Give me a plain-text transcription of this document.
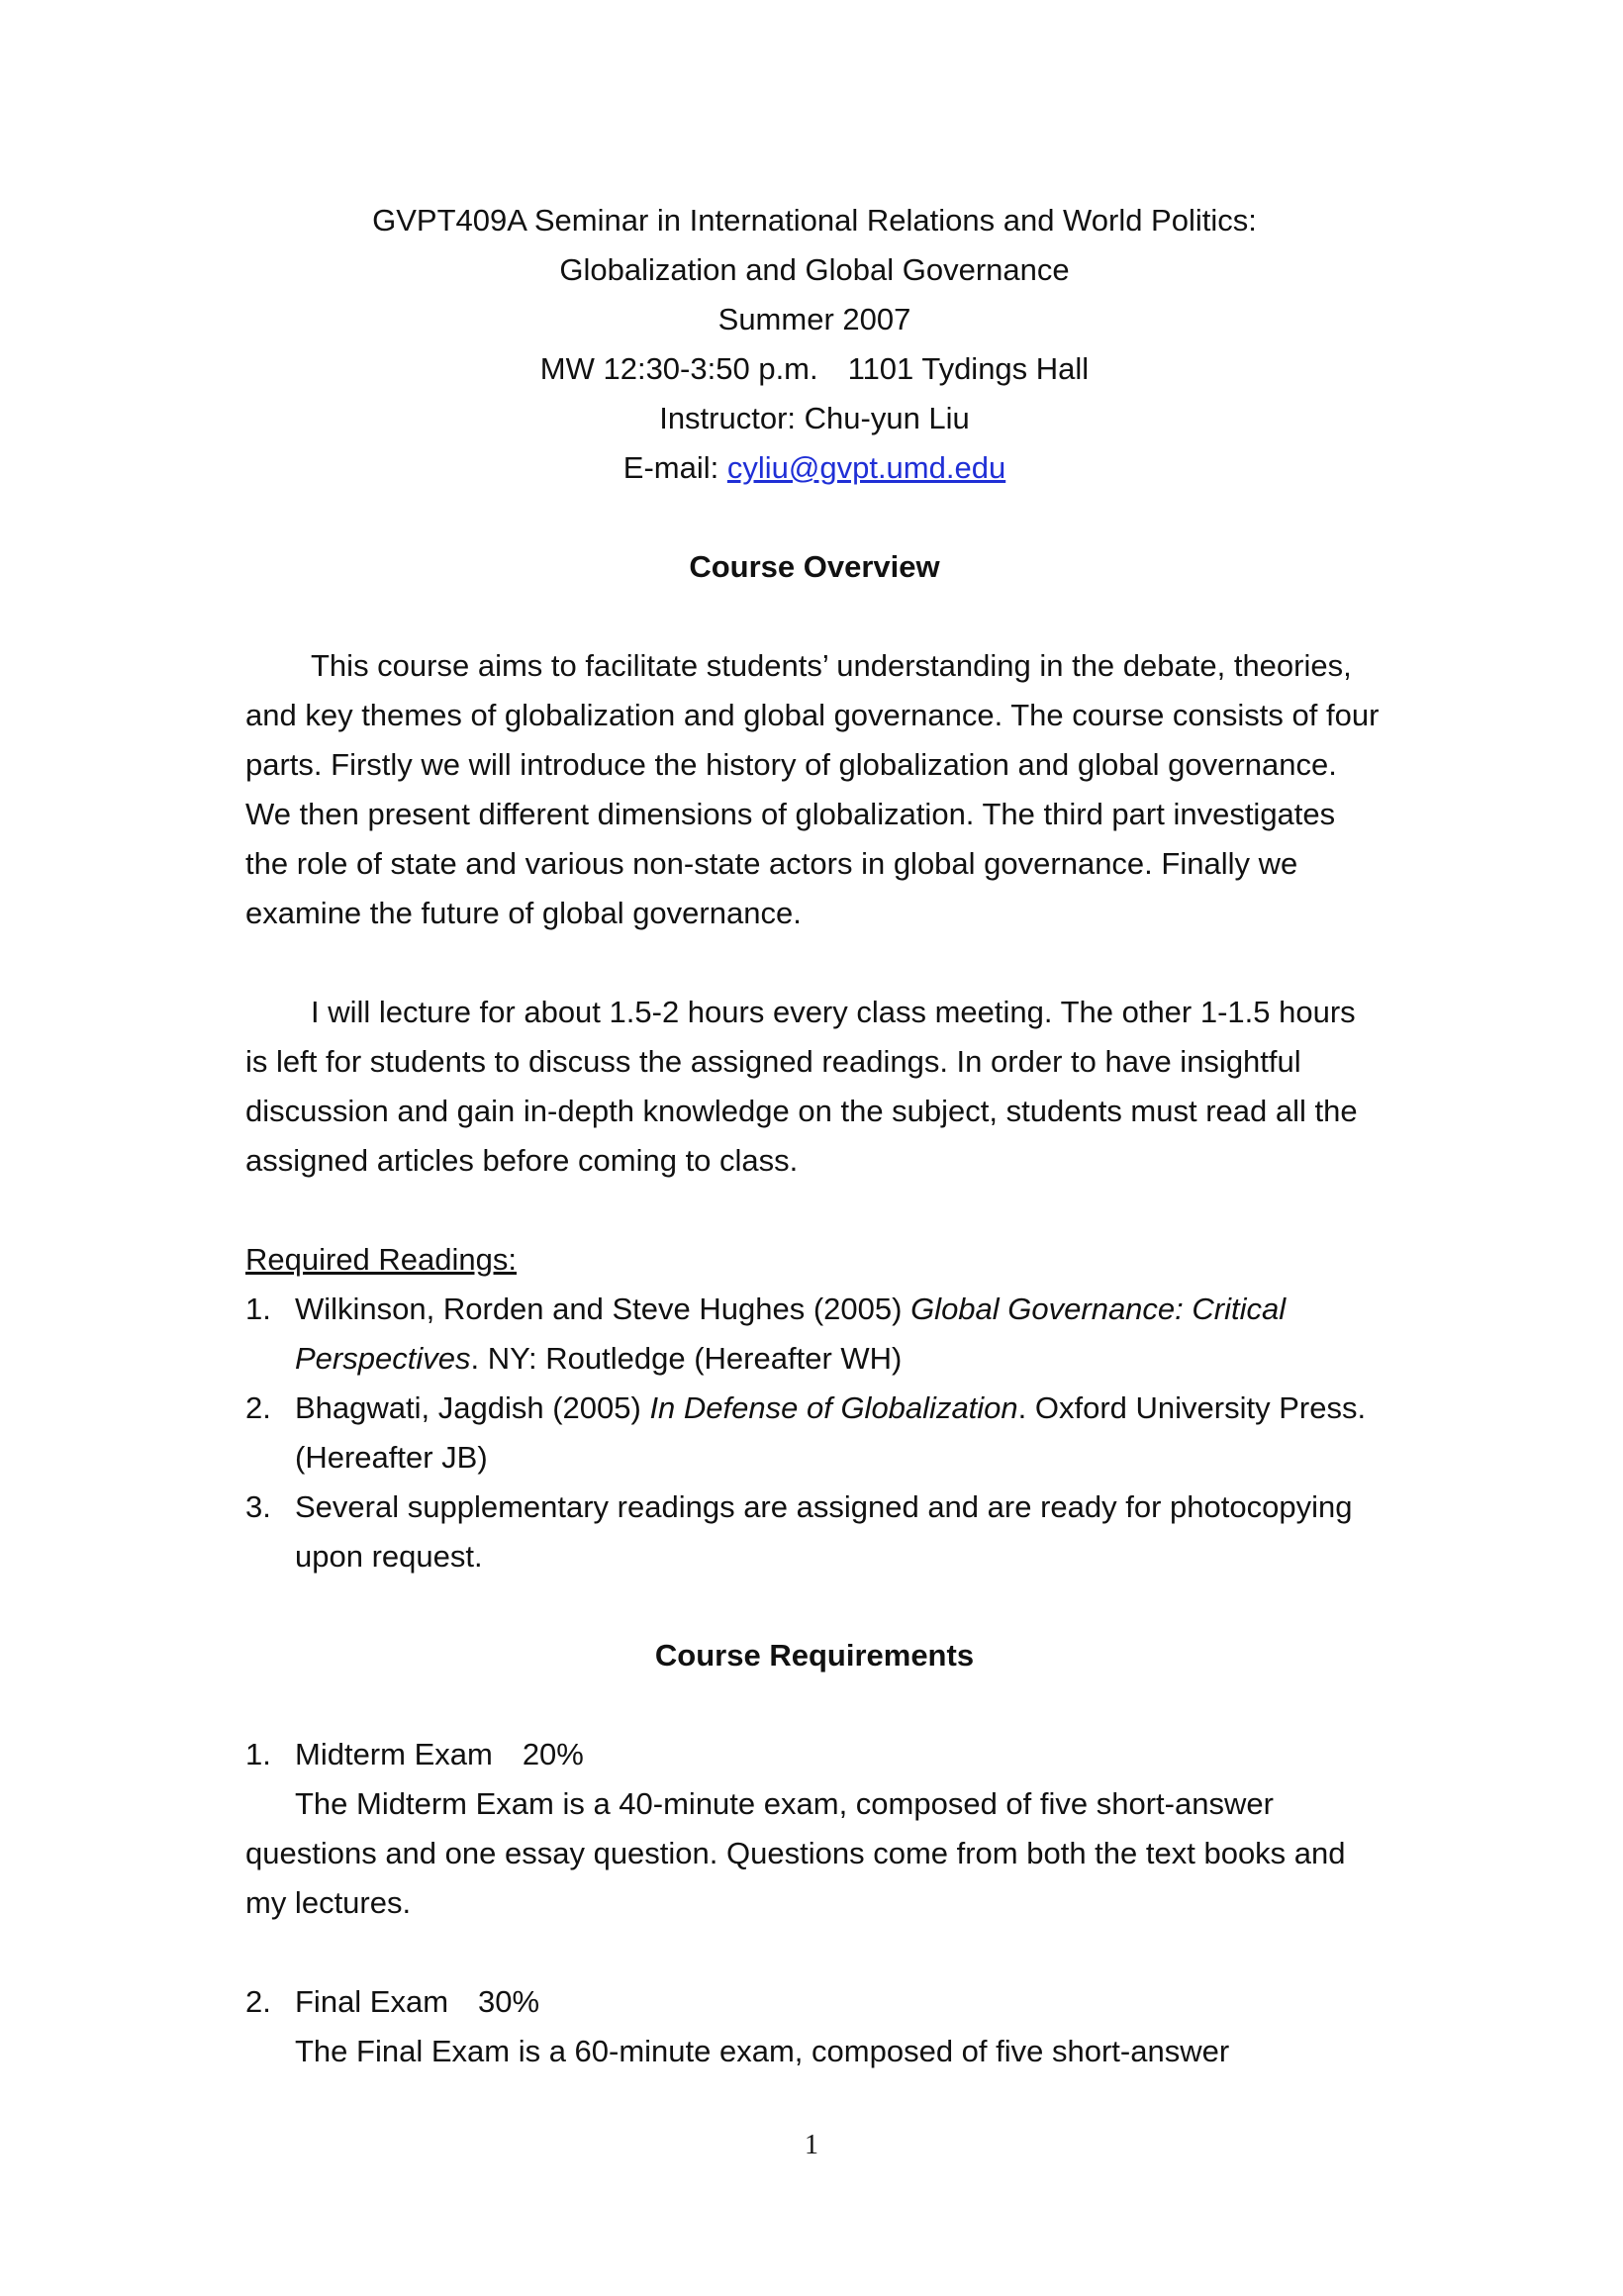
GVPT409A Seminar in International Relations and World Politics:
Globalization and Global Governance
Summer 2007
MW 12:30-3:50 p.m. 1101 Tydings Hall
Instructor: Chu-yun Liu
E-mail: cyliu@gvpt.umd.edu
Course Overview

This course aims to facilitate students’ understanding in the debate, theories, and key themes of globalization and global governance. The course consists of four parts. Firstly we will introduce the history of globalization and global governance. We then present different dimensions of globalization. The third part investigates the role of state and various non-state actors in global governance. Finally we examine the future of global governance.

I will lecture for about 1.5-2 hours every class meeting. The other 1-1.5 hours is left for students to discuss the assigned readings. In order to have insightful discussion and gain in-depth knowledge on the subject, students must read all the assigned articles before coming to class.

Required Readings:
1. Wilkinson, Rorden and Steve Hughes (2005) Global Governance: Critical Perspectives. NY: Routledge (Hereafter WH)
2. Bhagwati, Jagdish (2005) In Defense of Globalization. Oxford University Press. (Hereafter JB)
3. Several supplementary readings are assigned and are ready for photocopying upon request.
Course Requirements
1. Midterm Exam 20%
The Midterm Exam is a 40-minute exam, composed of five short-answer
questions and one essay question. Questions come from both the text books and my lectures.
2. Final Exam 30%
The Final Exam is a 60-minute exam, composed of five short-answer
1
